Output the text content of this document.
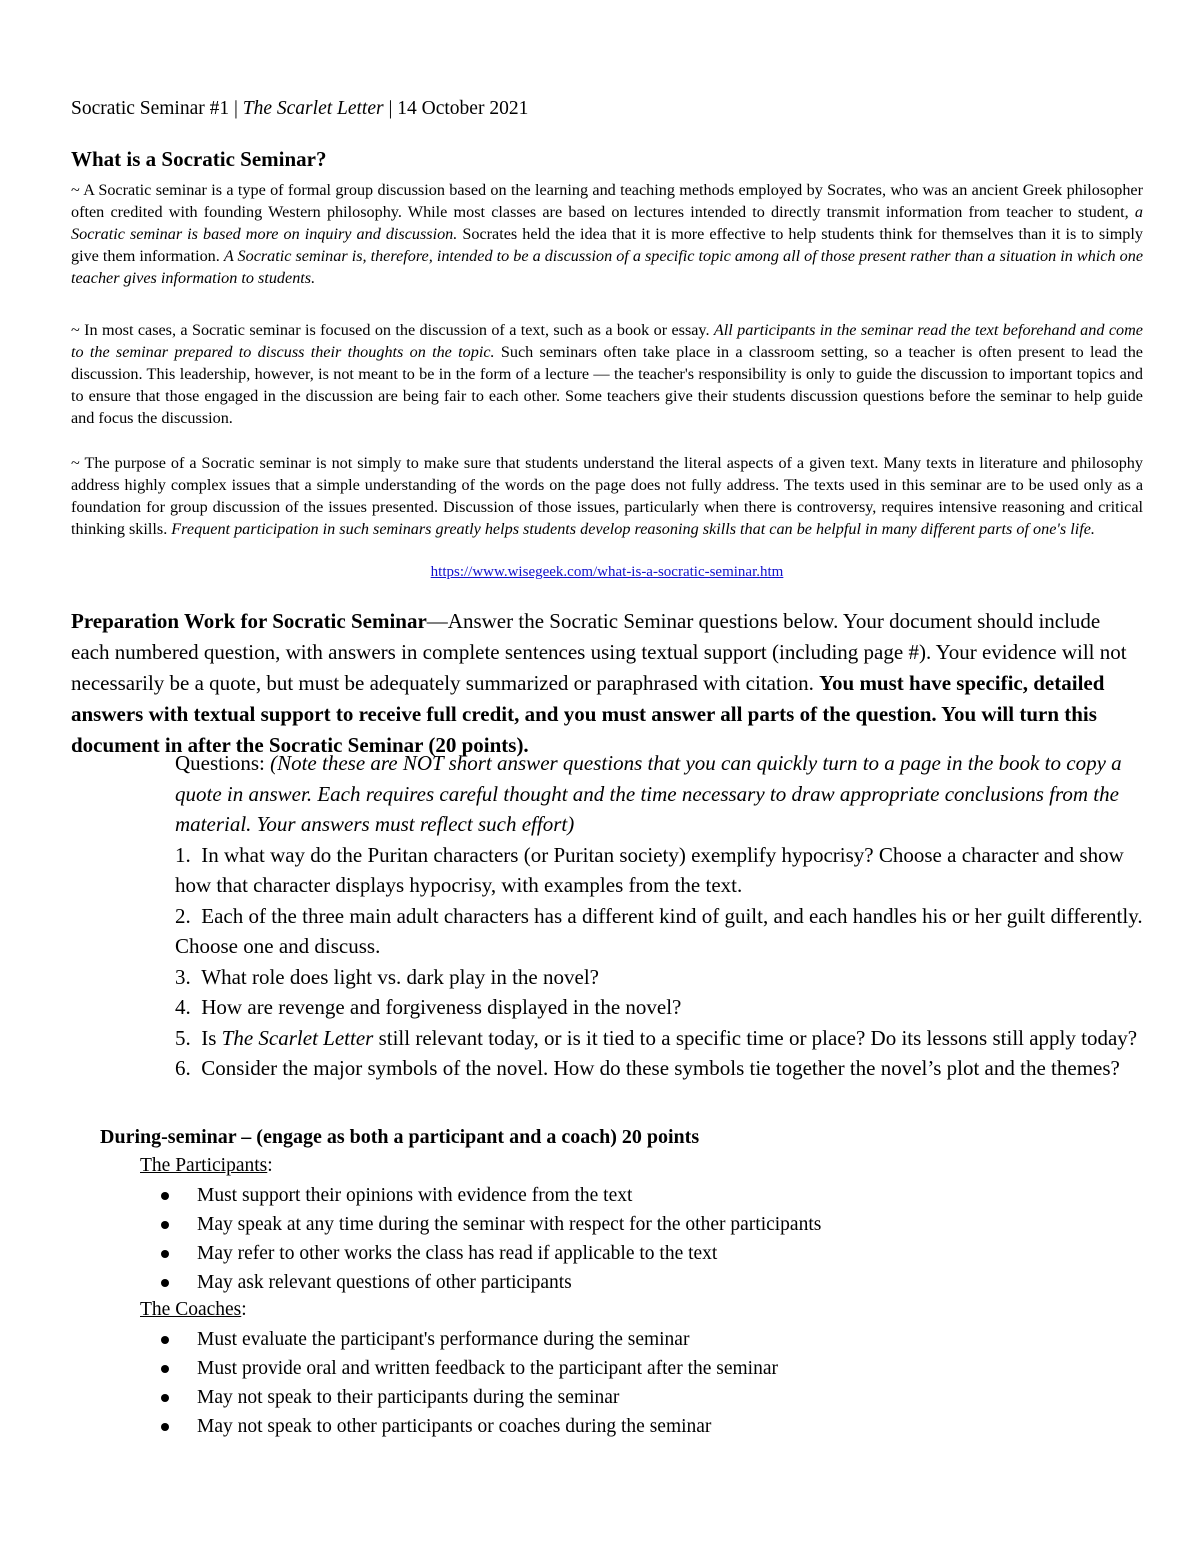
Socratic Seminar #1 | The Scarlet Letter | 14 October 2021
What is a Socratic Seminar?
~ A Socratic seminar is a type of formal group discussion based on the learning and teaching methods employed by Socrates, who was an ancient Greek philosopher often credited with founding Western philosophy. While most classes are based on lectures intended to directly transmit information from teacher to student, a Socratic seminar is based more on inquiry and discussion. Socrates held the idea that it is more effective to help students think for themselves than it is to simply give them information. A Socratic seminar is, therefore, intended to be a discussion of a specific topic among all of those present rather than a situation in which one teacher gives information to students.
~ In most cases, a Socratic seminar is focused on the discussion of a text, such as a book or essay. All participants in the seminar read the text beforehand and come to the seminar prepared to discuss their thoughts on the topic. Such seminars often take place in a classroom setting, so a teacher is often present to lead the discussion. This leadership, however, is not meant to be in the form of a lecture — the teacher's responsibility is only to guide the discussion to important topics and to ensure that those engaged in the discussion are being fair to each other. Some teachers give their students discussion questions before the seminar to help guide and focus the discussion.
~ The purpose of a Socratic seminar is not simply to make sure that students understand the literal aspects of a given text. Many texts in literature and philosophy address highly complex issues that a simple understanding of the words on the page does not fully address. The texts used in this seminar are to be used only as a foundation for group discussion of the issues presented. Discussion of those issues, particularly when there is controversy, requires intensive reasoning and critical thinking skills. Frequent participation in such seminars greatly helps students develop reasoning skills that can be helpful in many different parts of one's life.
https://www.wisegeek.com/what-is-a-socratic-seminar.htm
Preparation Work for Socratic Seminar—Answer the Socratic Seminar questions below. Your document should include each numbered question, with answers in complete sentences using textual support (including page #). Your evidence will not necessarily be a quote, but must be adequately summarized or paraphrased with citation. You must have specific, detailed answers with textual support to receive full credit, and you must answer all parts of the question. You will turn this document in after the Socratic Seminar (20 points).
Questions: (Note these are NOT short answer questions that you can quickly turn to a page in the book to copy a quote in answer. Each requires careful thought and the time necessary to draw appropriate conclusions from the material. Your answers must reflect such effort)
1. In what way do the Puritan characters (or Puritan society) exemplify hypocrisy? Choose a character and show how that character displays hypocrisy, with examples from the text.
2. Each of the three main adult characters has a different kind of guilt, and each handles his or her guilt differently. Choose one and discuss.
3. What role does light vs. dark play in the novel?
4. How are revenge and forgiveness displayed in the novel?
5. Is The Scarlet Letter still relevant today, or is it tied to a specific time or place? Do its lessons still apply today?
6. Consider the major symbols of the novel. How do these symbols tie together the novel’s plot and the themes?
During-seminar – (engage as both a participant and a coach) 20 points
The Participants:
Must support their opinions with evidence from the text
May speak at any time during the seminar with respect for the other participants
May refer to other works the class has read if applicable to the text
May ask relevant questions of other participants
The Coaches:
Must evaluate the participant's performance during the seminar
Must provide oral and written feedback to the participant after the seminar
May not speak to their participants during the seminar
May not speak to other participants or coaches during the seminar
